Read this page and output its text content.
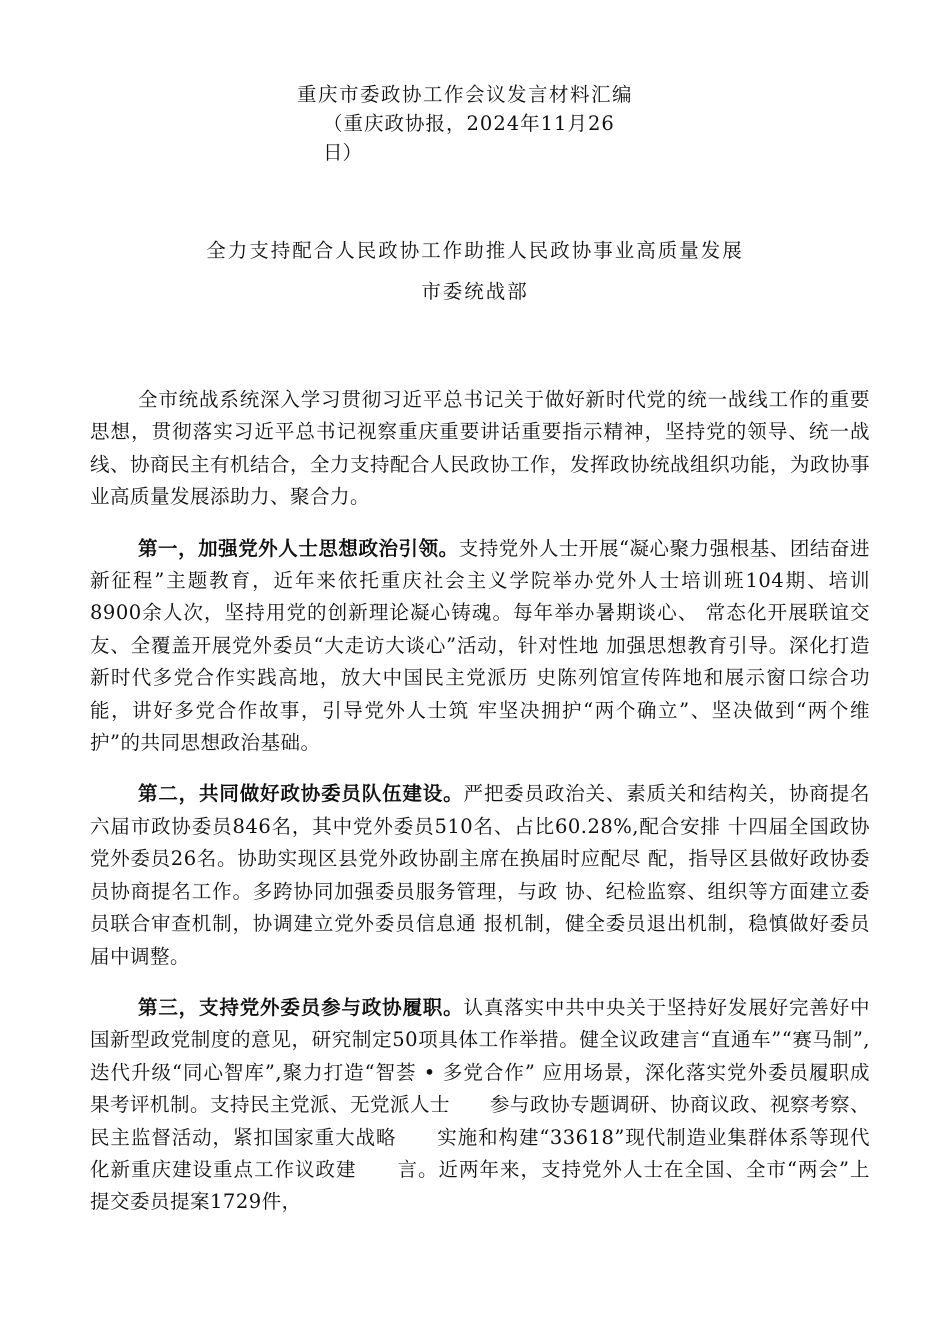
重庆市委政协工作会议发言材料汇编
（重庆政协报，2024年11月26
日）
全力支持配合人民政协工作助推人民政协事业高质量发展
市委统战部

全市统战系统深入学习贯彻习近平总书记关于做好新时代党的统一战线工作的重要思想，贯彻落实习近平总书记视察重庆重要讲话重要指示精神，坚持党的领导、统一战线、协商民主有机结合，全力支持配合人民政协工作，发挥政协统战组织功能，为政协事业高质量发展添助力、聚合力。

第一，加强党外人士思想政治引领。支持党外人士开展“凝心聚力强根基、团结奋进新征程”主题教育，近年来依托重庆社会主义学院举办党外人士培训班104期、培训8900余人次，坚持用党的创新理论凝心铸魂。每年举办暑期谈心、 常态化开展联谊交友、全覆盖开展党外委员“大走访大谈心”活动，针对性地 加强思想教育引导。深化打造新时代多党合作实践高地，放大中国民主党派历 史陈列馆宣传阵地和展示窗口综合功能，讲好多党合作故事，引导党外人士筑 牢坚决拥护“两个确立”、坚决做到“两个维护”的共同思想政治基础。

第二，共同做好政协委员队伍建设。严把委员政治关、素质关和结构关，协商提名六届市政协委员846名，其中党外委员510名、占比60.28%,配合安排 十四届全国政协党外委员26名。协助实现区县党外政协副主席在换届时应配尽 配，指导区县做好政协委员协商提名工作。多跨协同加强委员服务管理，与政 协、纪检监察、组织等方面建立委员联合审查机制，协调建立党外委员信息通 报机制，健全委员退出机制，稳慎做好委员届中调整。

第三，支持党外委员参与政协履职。认真落实中共中央关于坚持好发展好完善好中国新型政党制度的意见，研究制定50项具体工作举措。健全议政建言“直通车”“赛马制”,迭代升级“同心智库”,聚力打造“智荟 • 多党合作” 应用场景，深化落实党外委员履职成果考评机制。支持民主党派、无党派人士　　参与政协专题调研、协商议政、视察考察、民主监督活动，紧扣国家重大战略　　实施和构建“33618”现代制造业集群体系等现代化新重庆建设重点工作议政建　　言。近两年来，支持党外人士在全国、全市“两会”上提交委员提案1729件，
